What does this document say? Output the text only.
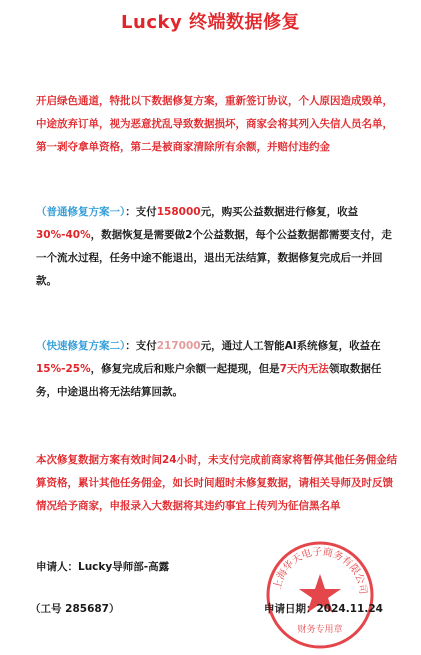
Lucky 终端数据修复
开启绿色通道，特批以下数据修复方案，重新签订协议，个人原因造成毁单，中途放弃订单，视为恶意扰乱导致数据损坏，商家会将其列入失信人员名单，第一剥夺拿单资格，第二是被商家清除所有余额，并赔付违约金
（普通修复方案一）：支付158000元，购买公益数据进行修复，收益30%-40%，数据恢复是需要做2个公益数据，每个公益数据都需要支付，走一个流水过程，任务中途不能退出，退出无法结算，数据修复完成后一并回款。
（快速修复方案二）：支付217000元，通过人工智能AI系统修复，收益在15%-25%，修复完成后和账户余额一起提现，但是7天内无法领取数据任务，中途退出将无法结算回款。
本次修复数据方案有效时间24小时，未支付完成前商家将暂停其他任务佣金结算资格，累计其他任务佣金，如长时间超时未修复数据，请相关导师及时反馈情况给予商家，申报录入大数据将其违约事宜上传列为征信黑名单
申请人：Lucky导师部-高露
（工号 285687）
上海华天电子商务有限公司
财务专用章
申请日期：2024.11.24
